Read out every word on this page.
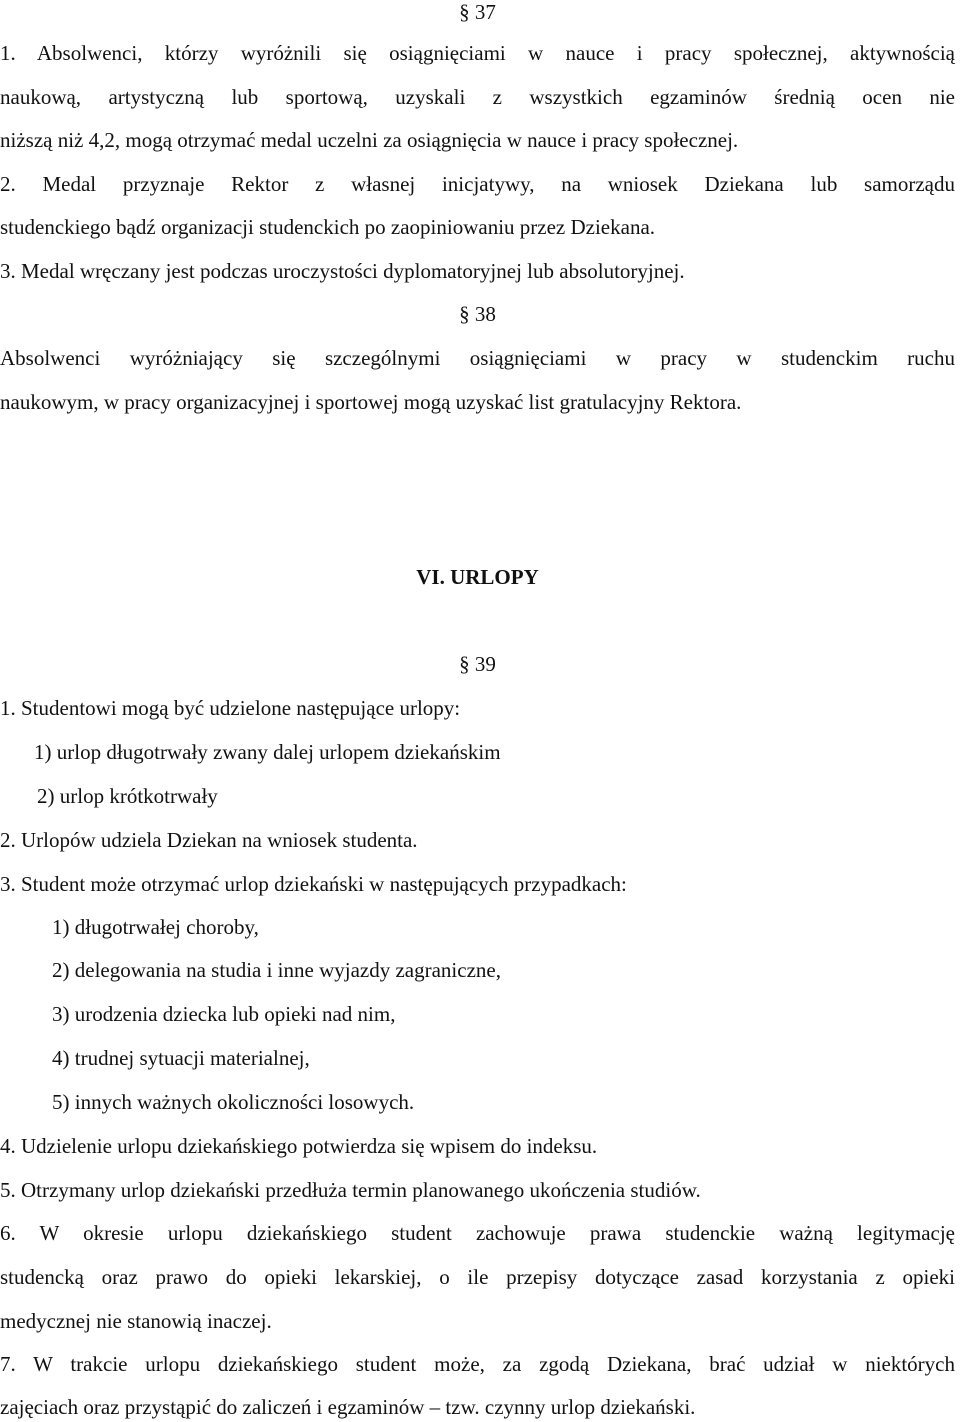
§ 37
1. Absolwenci, którzy wyróżnili się osiągnięciami w nauce i pracy społecznej, aktywnością
naukową, artystyczną lub sportową, uzyskali z wszystkich egzaminów średnią ocen nie
niższą niż 4,2, mogą otrzymać medal uczelni za osiągnięcia w nauce i pracy społecznej.
2. Medal przyznaje Rektor z własnej inicjatywy, na wniosek Dziekana lub samorządu
studenckiego bądź organizacji studenckich po zaopiniowaniu przez Dziekana.
3. Medal wręczany jest podczas uroczystości dyplomatoryjnej lub absolutoryjnej.
§ 38
Absolwenci wyróżniający się szczególnymi osiągnięciami w pracy w studenckim ruchu
naukowym, w pracy organizacyjnej i sportowej mogą uzyskać list gratulacyjny Rektora.
VI. URLOPY
§ 39
1. Studentowi mogą być udzielone następujące urlopy:
1) urlop długotrwały zwany dalej urlopem dziekańskim
2) urlop krótkotrwały
2. Urlopów udziela Dziekan na wniosek studenta.
3. Student może otrzymać urlop dziekański w następujących przypadkach:
1) długotrwałej choroby,
2) delegowania na studia i inne wyjazdy zagraniczne,
3) urodzenia dziecka lub opieki nad nim,
4) trudnej sytuacji materialnej,
5) innych ważnych okoliczności losowych.
4. Udzielenie urlopu dziekańskiego potwierdza się wpisem do indeksu.
5. Otrzymany urlop dziekański przedłuża termin planowanego ukończenia studiów.
6. W okresie urlopu dziekańskiego student zachowuje prawa studenckie ważną legitymację
studencką oraz prawo do opieki lekarskiej, o ile przepisy dotyczące zasad korzystania z opieki
medycznej nie stanowią inaczej.
7. W trakcie urlopu dziekańskiego student może, za zgodą Dziekana, brać udział w niektórych
zajęciach oraz przystąpić do zaliczeń i egzaminów – tzw. czynny urlop dziekański.
